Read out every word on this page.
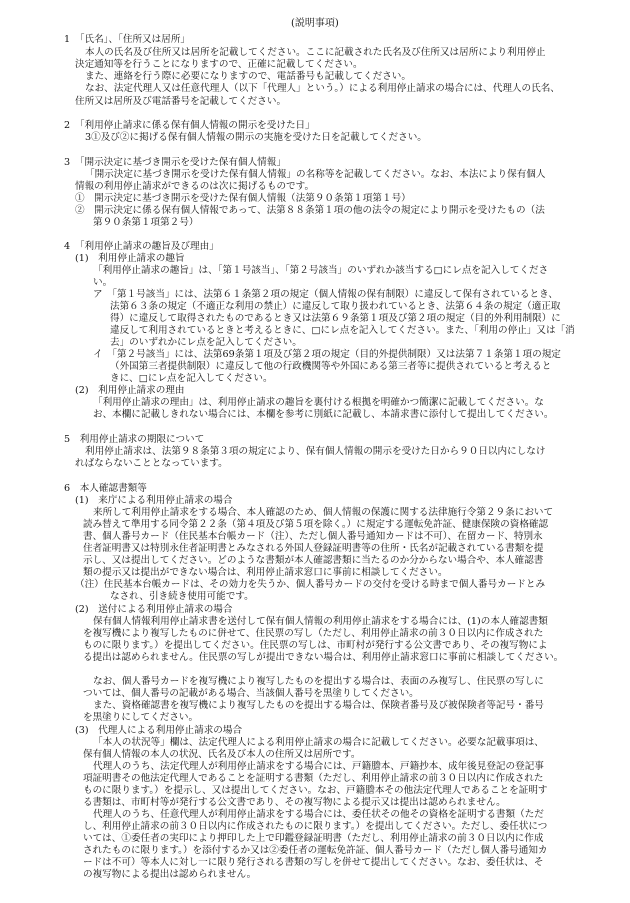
(説明事項)
1　「氏名」、「住所又は居所」
本人の氏名及び住所又は居所を記載してください。ここに記載された氏名及び住所又は居所により利用停止
決定通知等を行うことになりますので、正確に記載してください。
また、連絡を行う際に必要になりますので、電話番号も記載してください。
なお、法定代理人又は任意代理人（以下「代理人」という。）による利用停止請求の場合には、代理人の氏名、
住所又は居所及び電話番号を記載してください。
2　「利用停止請求に係る保有個人情報の開示を受けた日」
3①及び②に掲げる保有個人情報の開示の実施を受けた日を記載してください。
3　「開示決定に基づき開示を受けた保有個人情報」
「開示決定に基づき開示を受けた保有個人情報」の名称等を記載してください。なお、本法により保有個人
情報の利用停止請求ができるのは次に掲げるものです。
①　開示決定に基づき開示を受けた保有個人情報（法第９０条第１項第１号）
②　開示決定に係る保有個人情報であって、法第８８条第１項の他の法令の規定により開示を受けたもの（法
第９０条第１項第２号）
4　「利用停止請求の趣旨及び理由」
(1)　利用停止請求の趣旨
「利用停止請求の趣旨」は、「第１号該当」、「第２号該当」のいずれか該当する□にレ点を記入してくださ
い。
ア　「第１号該当」には、法第６１条第２項の規定（個人情報の保有制限）に違反して保有されているとき、
法第６３条の規定（不適正な利用の禁止）に違反して取り扱われているとき、法第６４条の規定（適正取
得）に違反して取得されたものであるとき又は法第６９条第１項及び第２項の規定（目的外利用制限）に
違反して利用されているときと考えるときに、□にレ点を記入してください。また、「利用の停止」又は「消
去」のいずれかにレ点を記入してください。
イ　「第２号該当」には、法第69条第１項及び第２項の規定（目的外提供制限）又は法第７１条第１項の規定
（外国第三者提供制限）に違反して他の行政機関等や外国にある第三者等に提供されていると考えると
きに、□にレ点を記入してください。
(2)　利用停止請求の理由
「利用停止請求の理由」は、利用停止請求の趣旨を裏付ける根拠を明確かつ簡潔に記載してください。な
お、本欄に記載しきれない場合には、本欄を参考に別紙に記載し、本請求書に添付して提出してください。
5　利用停止請求の期限について
利用停止請求は、法第９８条第３項の規定により、保有個人情報の開示を受けた日から９０日以内にしなけ
ればならないこととなっています。
6　本人確認書類等
(1)　来庁による利用停止請求の場合
来所して利用停止請求をする場合、本人確認のため、個人情報の保護に関する法律施行令第２９条において
読み替えて準用する同令第２２条（第４項及び第５項を除く。）に規定する運転免許証、健康保険の資格確認
書、個人番号カード（住民基本台帳カード（注）、ただし個人番号通知カードは不可）、在留カード、特別永
住者証明書又は特別永住者証明書とみなされる外国人登録証明書等の住所・氏名が記載されている書類を提
示し、又は提出してください。どのような書類が本人確認書類に当たるのか分からない場合や、本人確認書
類の提示又は提出ができない場合は、利用停止請求窓口に事前に相談してください。
（注）住民基本台帳カードは、その効力を失うか、個人番号カードの交付を受ける時まで個人番号カードとみ
なされ、引き続き使用可能です。
(2)　送付による利用停止請求の場合
保有個人情報利用停止請求書を送付して保有個人情報の利用停止請求をする場合には、(1)の本人確認書類
を複写機により複写したものに併せて、住民票の写し（ただし、利用停止請求の前３０日以内に作成された
ものに限ります。）を提出してください。住民票の写しは、市町村が発行する公文書であり、その複写物によ
る提出は認められません。住民票の写しが提出できない場合は、利用停止請求窓口に事前に相談してください。
なお、個人番号カードを複写機により複写したものを提出する場合は、表面のみ複写し、住民票の写しに
ついては、個人番号の記載がある場合、当該個人番号を黒塗りしてください。
また、資格確認書を複写機により複写したものを提出する場合は、保険者番号及び被保険者等記号・番号
を黒塗りにしてください。
(3)　代理人による利用停止請求の場合
「本人の状況等」欄は、法定代理人による利用停止請求の場合に記載してください。必要な記載事項は、
保有個人情報の本人の状況、氏名及び本人の住所又は居所です。
代理人のうち、法定代理人が利用停止請求をする場合には、戸籍謄本、戸籍抄本、成年後見登記の登記事
項証明書その他法定代理人であることを証明する書類（ただし、利用停止請求の前３０日以内に作成された
ものに限ります。）を提示し、又は提出してください。なお、戸籍謄本その他法定代理人であることを証明す
る書類は、市町村等が発行する公文書であり、その複写物による提示又は提出は認められません。
代理人のうち、任意代理人が利用停止請求をする場合には、委任状その他その資格を証明する書類（ただ
し、利用停止請求の前３０日以内に作成されたものに限ります。）を提出してください。ただし、委任状につ
いては、①委任者の実印により押印した上で印鑑登録証明書（ただし、利用停止請求の前３０日以内に作成
されたものに限ります。）を添付するか又は②委任者の運転免許証、個人番号カード（ただし個人番号通知カ
ードは不可）等本人に対し一に限り発行される書類の写しを併せて提出してください。なお、委任状は、そ
の複写物による提出は認められません。
